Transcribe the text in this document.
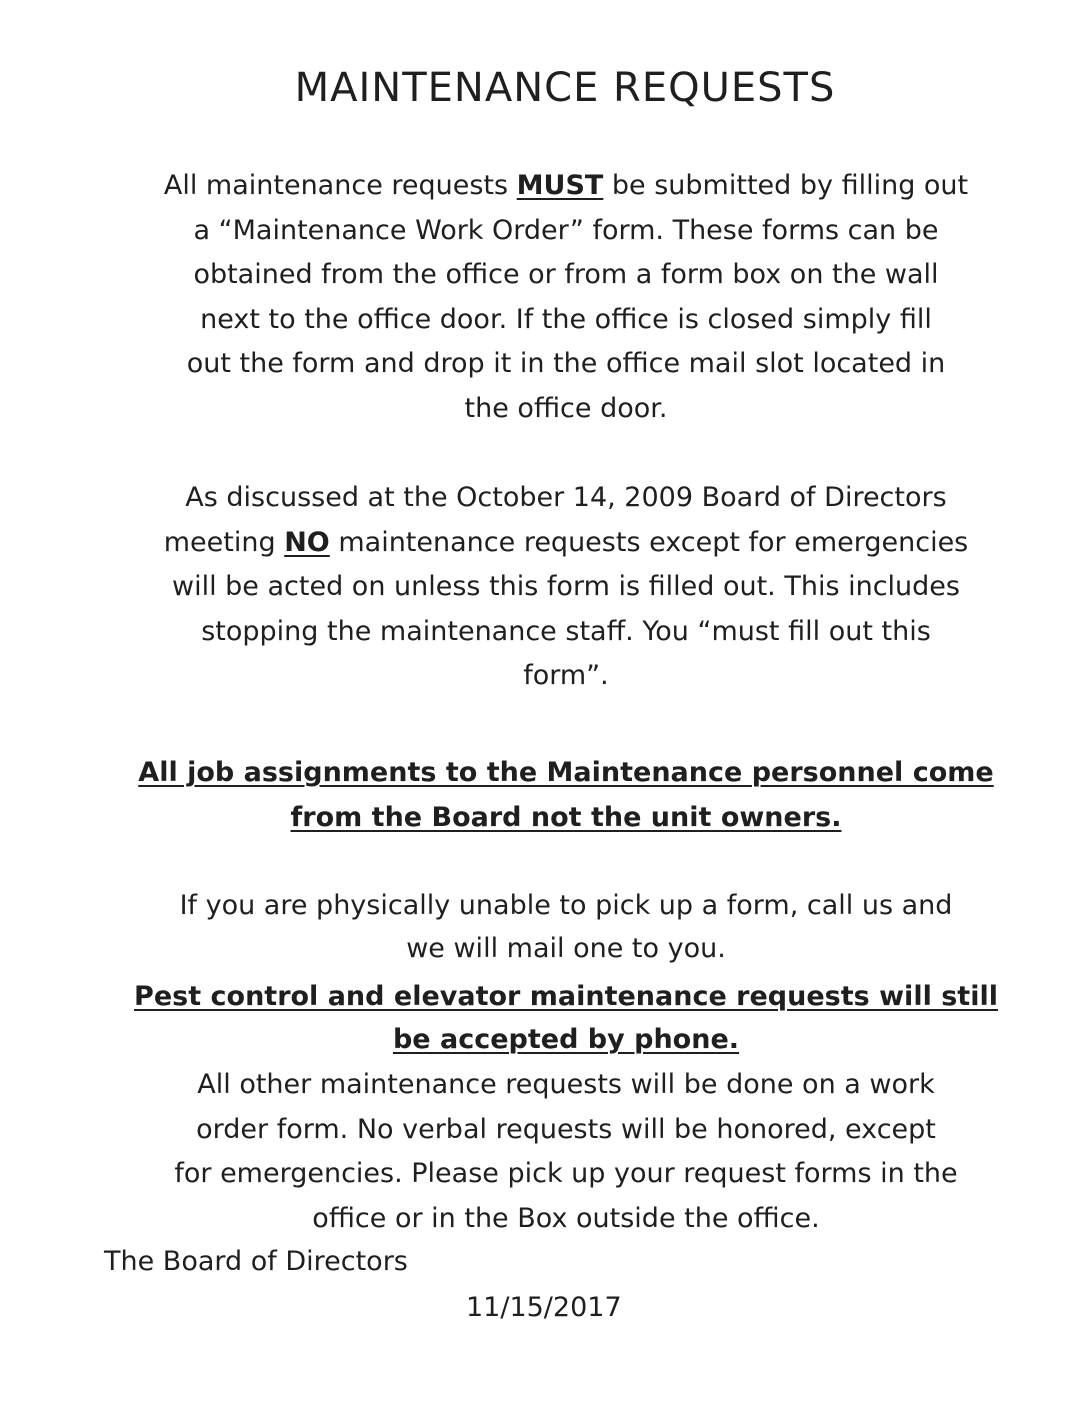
MAINTENANCE REQUESTS
All maintenance requests MUST be submitted by filling out
a “Maintenance Work Order” form. These forms can be
obtained from the office or from a form box on the wall
next to the office door. If the office is closed simply fill
out the form and drop it in the office mail slot located in
the office door.
As discussed at the October 14, 2009 Board of Directors
meeting NO maintenance requests except for emergencies
will be acted on unless this form is filled out. This includes
stopping the maintenance staff. You “must fill out this
form”.
All job assignments to the Maintenance personnel come
from the Board not the unit owners.
If you are physically unable to pick up a form, call us and
we will mail one to you.
Pest control and elevator maintenance requests will still
be accepted by phone.
All other maintenance requests will be done on a work
order form. No verbal requests will be honored, except
for emergencies. Please pick up your request forms in the
office or in the Box outside the office.

The Board of Directors

11/15/2017
